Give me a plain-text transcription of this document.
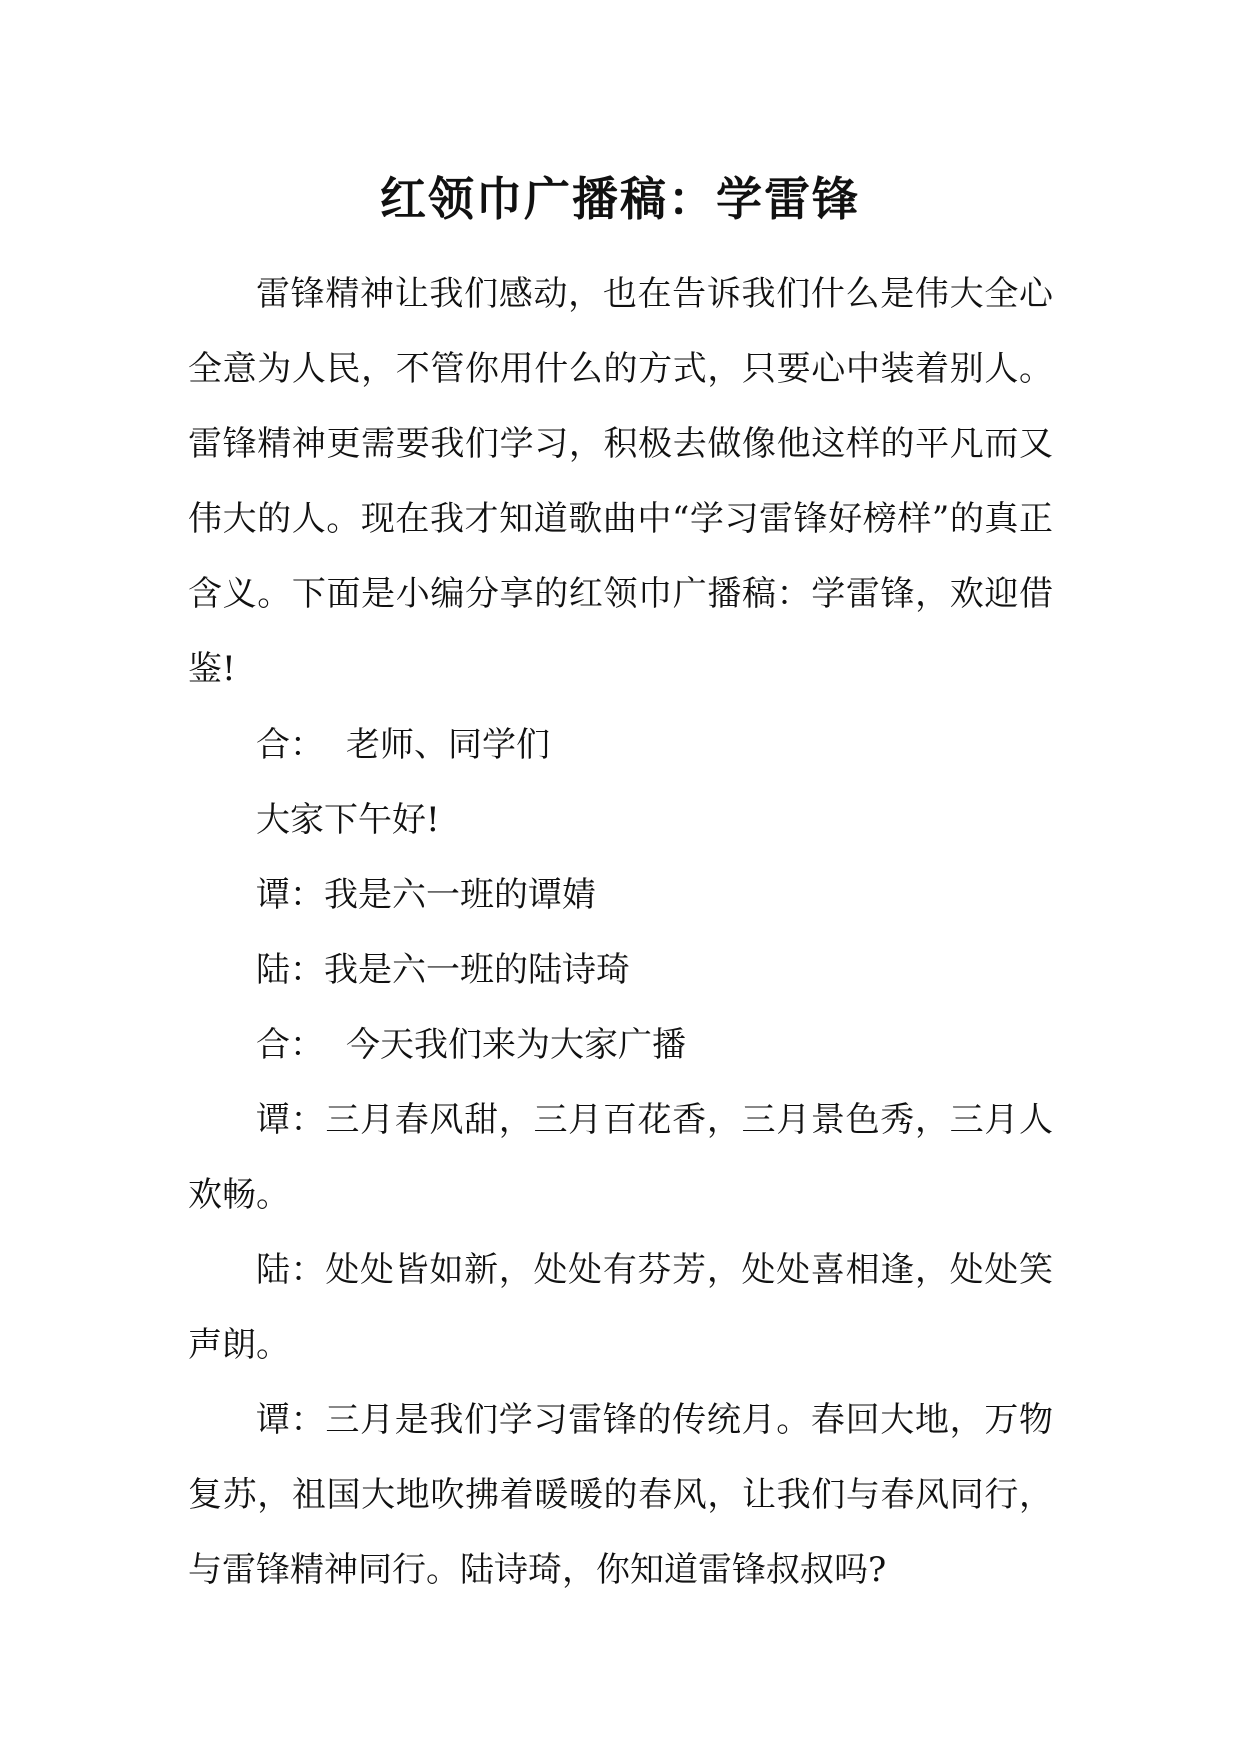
红领巾广播稿：学雷锋

雷锋精神让我们感动，也在告诉我们什么是伟大全心全意为人民，不管你用什么的方式，只要心中装着别人。雷锋精神更需要我们学习，积极去做像他这样的平凡而又伟大的人。现在我才知道歌曲中“学习雷锋好榜样”的真正含义。下面是小编分享的红领巾广播稿：学雷锋，欢迎借鉴!

合： 老师、同学们

大家下午好!

谭：我是六一班的谭婧

陆：我是六一班的陆诗琦

合： 今天我们来为大家广播

谭：三月春风甜，三月百花香，三月景色秀，三月人欢畅。

陆：处处皆如新，处处有芬芳，处处喜相逢，处处笑声朗。

谭：三月是我们学习雷锋的传统月。春回大地，万物复苏，祖国大地吹拂着暖暖的春风，让我们与春风同行，与雷锋精神同行。陆诗琦，你知道雷锋叔叔吗?
